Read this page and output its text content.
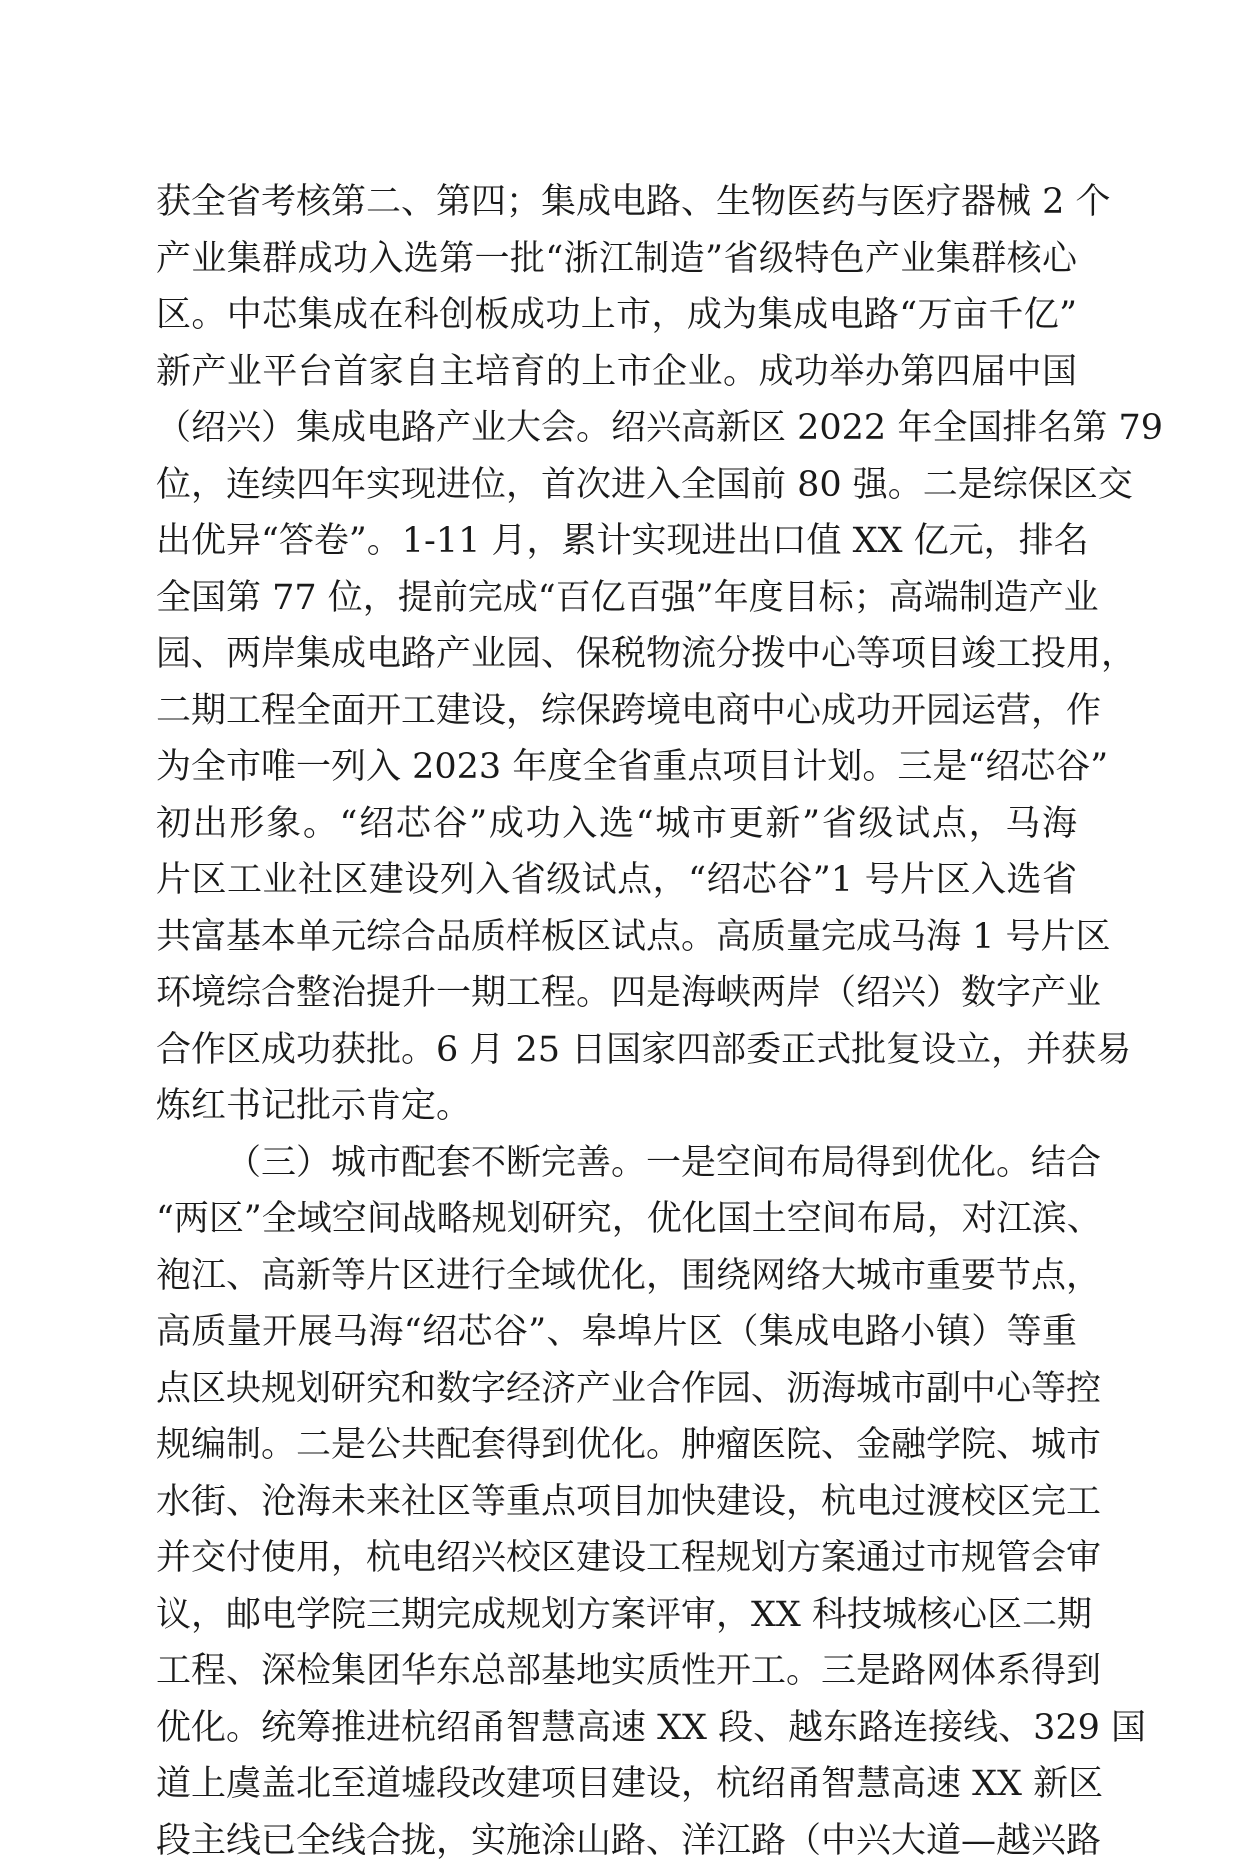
获全省考核第二、第四；集成电路、生物医药与医疗器械 2 个
产业集群成功入选第一批“浙江制造”省级特色产业集群核心
区。中芯集成在科创板成功上市，成为集成电路“万亩千亿”
新产业平台首家自主培育的上市企业。成功举办第四届中国
（绍兴）集成电路产业大会。绍兴高新区 2022 年全国排名第 79
位，连续四年实现进位，首次进入全国前 80 强。二是综保区交
出优异“答卷”。1-11 月，累计实现进出口值 XX 亿元，排名
全国第 77 位，提前完成“百亿百强”年度目标；高端制造产业
园、两岸集成电路产业园、保税物流分拨中心等项目竣工投用，
二期工程全面开工建设，综保跨境电商中心成功开园运营，作
为全市唯一列入 2023 年度全省重点项目计划。三是“绍芯谷”
初出形象。“绍芯谷”成功入选“城市更新”省级试点，马海
片区工业社区建设列入省级试点，“绍芯谷”1 号片区入选省
共富基本单元综合品质样板区试点。高质量完成马海 1 号片区
环境综合整治提升一期工程。四是海峡两岸（绍兴）数字产业
合作区成功获批。6 月 25 日国家四部委正式批复设立，并获易
炼红书记批示肯定。
（三）城市配套不断完善。一是空间布局得到优化。结合
“两区”全域空间战略规划研究，优化国土空间布局，对江滨、
袍江、高新等片区进行全域优化，围绕网络大城市重要节点，
高质量开展马海“绍芯谷”、皋埠片区（集成电路小镇）等重
点区块规划研究和数字经济产业合作园、沥海城市副中心等控
规编制。二是公共配套得到优化。肿瘤医院、金融学院、城市
水街、沧海未来社区等重点项目加快建设，杭电过渡校区完工
并交付使用，杭电绍兴校区建设工程规划方案通过市规管会审
议，邮电学院三期完成规划方案评审，XX 科技城核心区二期
工程、深检集团华东总部基地实质性开工。三是路网体系得到
优化。统筹推进杭绍甬智慧高速 XX 段、越东路连接线、329 国
道上虞盖北至道墟段改建项目建设，杭绍甬智慧高速 XX 新区
段主线已全线合拢，实施涂山路、洋江路（中兴大道—越兴路
